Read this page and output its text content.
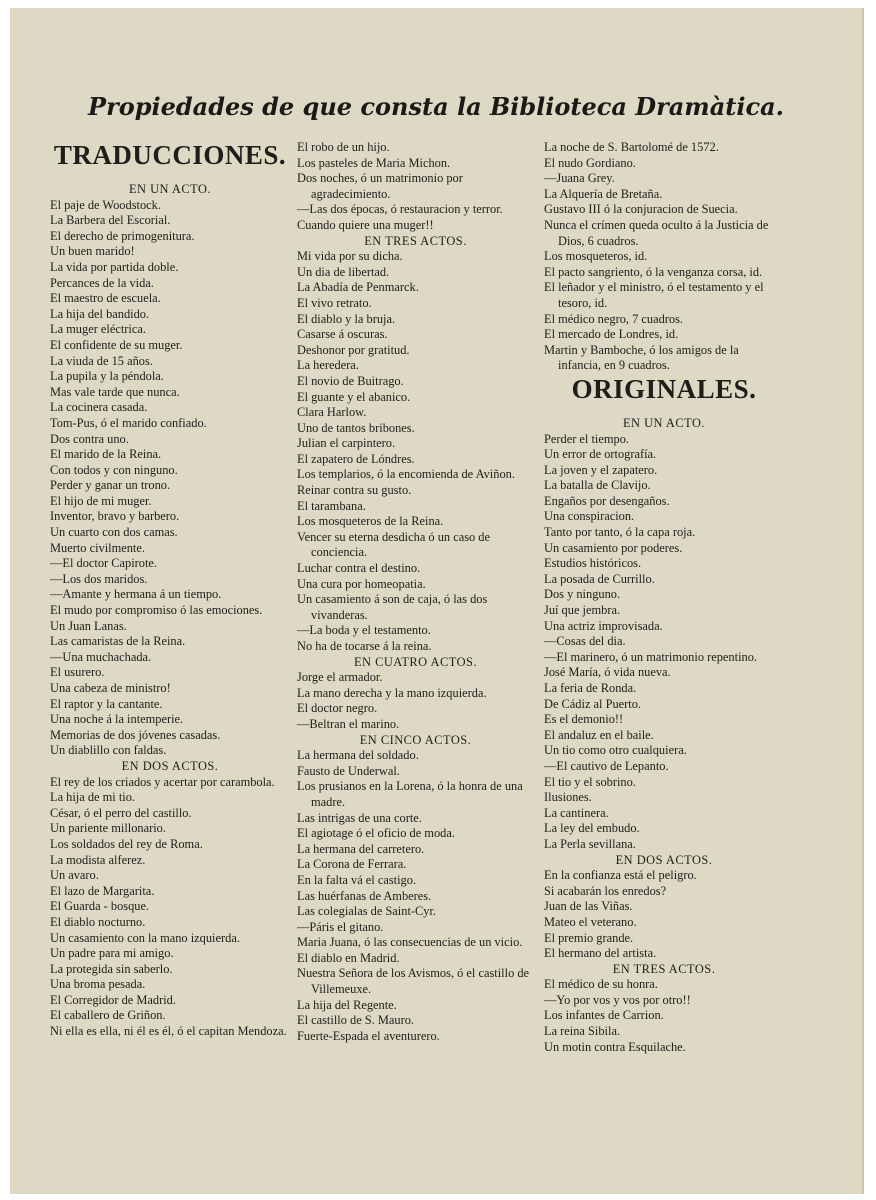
Propiedades de que consta la Biblioteca Dramàtica.
TRADUCCIONES.
EN UN ACTO.
El paje de Woodstock.
La Barbera del Escorial.
El derecho de primogenitura.
Un buen marido!
La vida por partida doble.
Percances de la vida.
El maestro de escuela.
La hija del bandido.
La muger eléctrica.
El confidente de su muger.
La viuda de 15 años.
La pupila y la péndola.
Mas vale tarde que nunca.
La cocinera casada.
Tom-Pus, ó el marido confiado.
Dos contra uno.
El marido de la Reina.
Con todos y con ninguno.
Perder y ganar un trono.
El hijo de mi muger.
Inventor, bravo y barbero.
Un cuarto con dos camas.
Muerto civilmente.
—El doctor Capirote.
—Los dos maridos.
—Amante y hermana á un tiempo.
El mudo por compromiso ó las emociones.
Un Juan Lanas.
Las camaristas de la Reina.
—Una muchachada.
El usurero.
Una cabeza de ministro!
El raptor y la cantante.
Una noche á la intemperie.
Memorias de dos jóvenes casadas.
Un diablillo con faldas.
EN DOS ACTOS.
El rey de los criados y acertar por carambola.
La hija de mi tio.
César, ó el perro del castillo.
Un pariente millonario.
Los soldados del rey de Roma.
La modista alferez.
Un avaro.
El lazo de Margarita.
El Guarda - bosque.
El diablo nocturno.
Un casamiento con la mano izquierda.
Un padre para mi amigo.
La protegida sin saberlo.
Una broma pesada.
El Corregidor de Madrid.
El caballero de Griñon.
Ni ella es ella, ni él es él, ó el capitan Mendoza.
El robo de un hijo.
Los pasteles de Maria Michon.
Dos noches, ó un matrimonio por agradecimiento.
—Las dos épocas, ó restauracion y terror.
Cuando quiere una muger!!
EN TRES ACTOS.
Mi vida por su dicha.
Un dia de libertad.
La Abadía de Penmarck.
El vivo retrato.
El diablo y la bruja.
Casarse á oscuras.
Deshonor por gratitud.
La heredera.
El novio de Buitrago.
El guante y el abanico.
Clara Harlow.
Uno de tantos bribones.
Julian el carpintero.
El zapatero de Lóndres.
Los templarios, ó la encomienda de Aviñon.
Reinar contra su gusto.
El tarambana.
Los mosqueteros de la Reina.
Vencer su eterna desdicha ó un caso de conciencia.
Luchar contra el destino.
Una cura por homeopatia.
Un casamiento á son de caja, ó las dos vivanderas.
—La boda y el testamento.
No ha de tocarse á la reina.
EN CUATRO ACTOS.
Jorge el armador.
La mano derecha y la mano izquierda.
El doctor negro.
—Beltran el marino.
EN CINCO ACTOS.
La hermana del soldado.
Fausto de Underwal.
Los prusianos en la Lorena, ó la honra de una madre.
Las intrigas de una corte.
El agiotage ó el oficio de moda.
La hermana del carretero.
La Corona de Ferrara.
En la falta vá el castigo.
Las huérfanas de Amberes.
Las colegialas de Saint-Cyr.
—Páris el gitano.
Maria Juana, ó las consecuencias de un vicio.
El diablo en Madrid.
Nuestra Señora de los Avismos, ó el castillo de Villemeuxe.
La hija del Regente.
El castillo de S. Mauro.
Fuerte-Espada el aventurero.
La noche de S. Bartolomé de 1572.
El nudo Gordiano.
—Juana Grey.
La Alquería de Bretaña.
Gustavo III ó la conjuracion de Suecia.
Nunca el crímen queda oculto á la Justicia de Dios, 6 cuadros.
Los mosqueteros, id.
El pacto sangriento, ó la venganza corsa, id.
El leñador y el ministro, ó el testamento y el tesoro, id.
El médico negro, 7 cuadros.
El mercado de Londres, id.
Martin y Bamboche, ó los amigos de la infancia, en 9 cuadros.
ORIGINALES.
EN UN ACTO.
Perder el tiempo.
Un error de ortografía.
La joven y el zapatero.
La batalla de Clavijo.
Engaños por desengaños.
Una conspiracion.
Tanto por tanto, ó la capa roja.
Un casamiento por poderes.
Estudios históricos.
La posada de Currillo.
Dos y ninguno.
Juí que jembra.
Una actriz improvisada.
—Cosas del dia.
—El marinero, ó un matrimonio repentino.
José María, ó vida nueva.
La feria de Ronda.
De Cádiz al Puerto.
Es el demonio!!
El andaluz en el baile.
Un tio como otro cualquiera.
—El cautivo de Lepanto.
El tio y el sobrino.
Ilusiones.
La cantinera.
La ley del embudo.
La Perla sevillana.
EN DOS ACTOS.
En la confianza está el peligro.
Si acabarán los enredos?
Juan de las Viñas.
Mateo el veterano.
El premio grande.
El hermano del artista.
EN TRES ACTOS.
El médico de su honra.
—Yo por vos y vos por otro!!
Los infantes de Carrion.
La reina Sibila.
Un motin contra Esquilache.
